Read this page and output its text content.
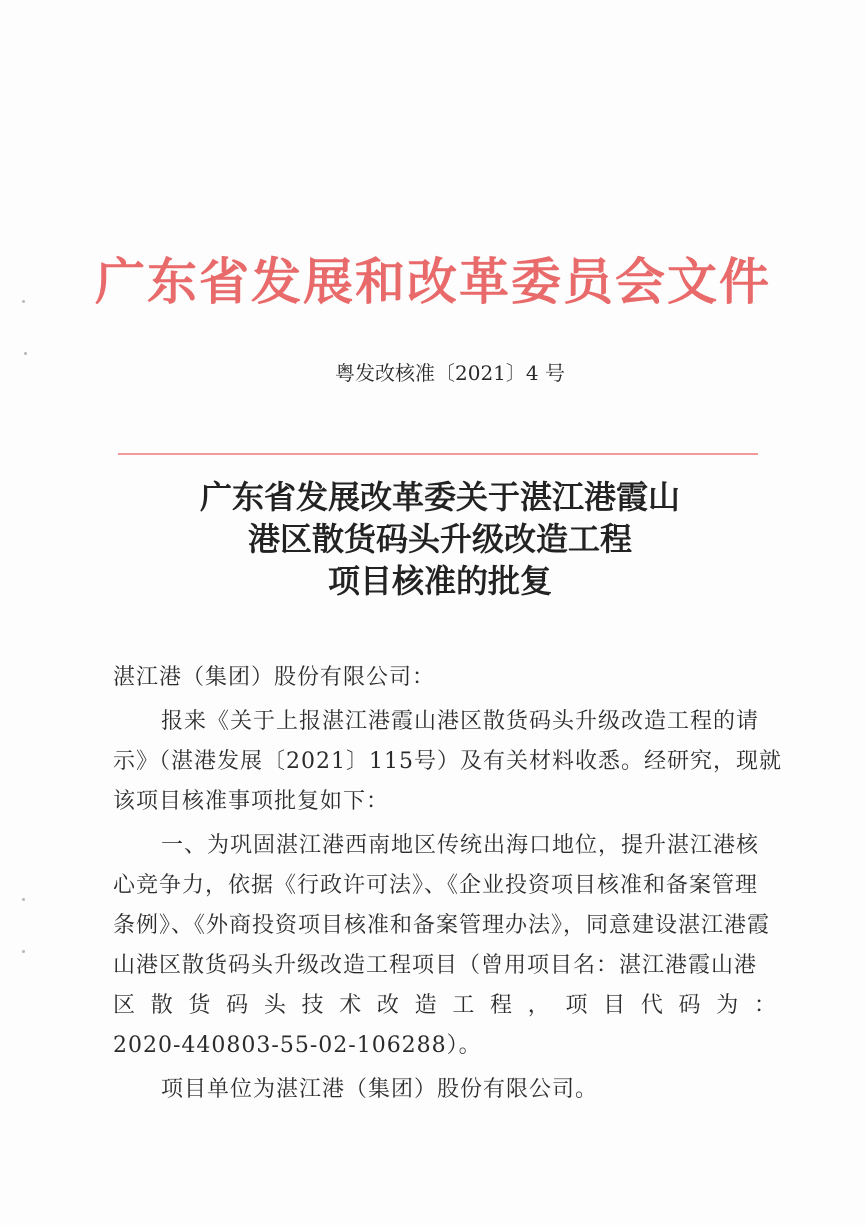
广东省发展和改革委员会文件
粤发改核准〔2021〕4 号
广东省发展改革委关于湛江港霞山
港区散货码头升级改造工程
项目核准的批复
湛江港（集团）股份有限公司：
报来《关于上报湛江港霞山港区散货码头升级改造工程的请
示》（湛港发展〔2021〕115号）及有关材料收悉。经研究，现就
该项目核准事项批复如下：
一、为巩固湛江港西南地区传统出海口地位，提升湛江港核
心竞争力，依据《行政许可法》、《企业投资项目核准和备案管理
条例》、《外商投资项目核准和备案管理办法》，同意建设湛江港霞
山港区散货码头升级改造工程项目（曾用项目名：湛江港霞山港
区 散 货 码 头 技 术 改 造 工 程 ， 项 目 代 码 为 ：
2020-440803-55-02-106288）。
项目单位为湛江港（集团）股份有限公司。
